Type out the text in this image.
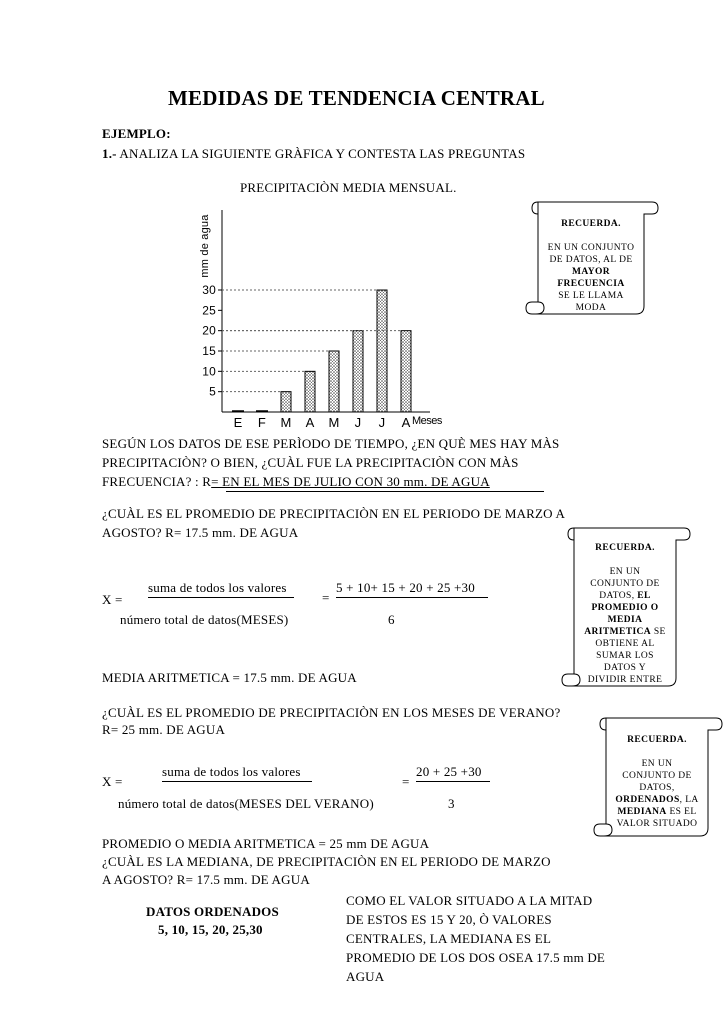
MEDIDAS DE TENDENCIA CENTRAL
EJEMPLO:
1.- ANALIZA LA SIGUIENTE GRÀFICA Y CONTESTA LAS PREGUNTAS
PRECIPITACIÒN MEDIA MENSUAL.
mm de agua
5
10
15
20
25
30
E F M A M J J A Meses
RECUERDA.
EN UN CONJUNTO
DE DATOS, AL DE
MAYOR
FRECUENCIA
SE LE LLAMA
MODA
SEGÚN LOS DATOS DE ESE PERÌODO DE TIEMPO, ¿EN QUÈ MES HAY MÀS
PRECIPITACIÒN? O BIEN, ¿CUÀL FUE LA PRECIPITACIÒN CON MÀS
FRECUENCIA? : R= EN EL MES DE JULIO CON 30 mm. DE AGUA
¿CUÀL ES EL PROMEDIO DE PRECIPITACIÒN EN EL PERIODO DE MARZO A
AGOSTO? R= 17.5 mm. DE AGUA
RECUERDA.
EN UN
CONJUNTO DE
DATOS, EL
PROMEDIO O
MEDIA
ARITMETICA SE
OBTIENE AL
SUMAR LOS
DATOS Y
DIVIDIR ENTRE
X =
suma de todos los valores
=
5 + 10+ 15 + 20 + 25 +30
número total de datos(MESES)	6
MEDIA ARITMETICA = 17.5 mm. DE AGUA
¿CUÀL ES EL PROMEDIO DE PRECIPITACIÒN EN LOS MESES DE VERANO?
R= 25 mm. DE AGUA
RECUERDA.
EN UN
CONJUNTO DE
DATOS,
ORDENADOS, LA
MEDIANA ES EL
VALOR SITUADO
X =
suma de todos los valores
=
20 + 25 +30
número total de datos(MESES DEL VERANO)	3
PROMEDIO O MEDIA ARITMETICA = 25 mm DE AGUA
¿CUÀL ES LA MEDIANA, DE PRECIPITACIÒN EN EL PERIODO DE MARZO
A AGOSTO? R= 17.5 mm. DE AGUA
DATOS ORDENADOS
5, 10, 15, 20, 25,30
COMO EL VALOR SITUADO A LA MITAD
DE ESTOS ES 15 Y 20, Ò VALORES
CENTRALES, LA MEDIANA ES EL
PROMEDIO DE LOS DOS OSEA 17.5 mm DE
AGUA
